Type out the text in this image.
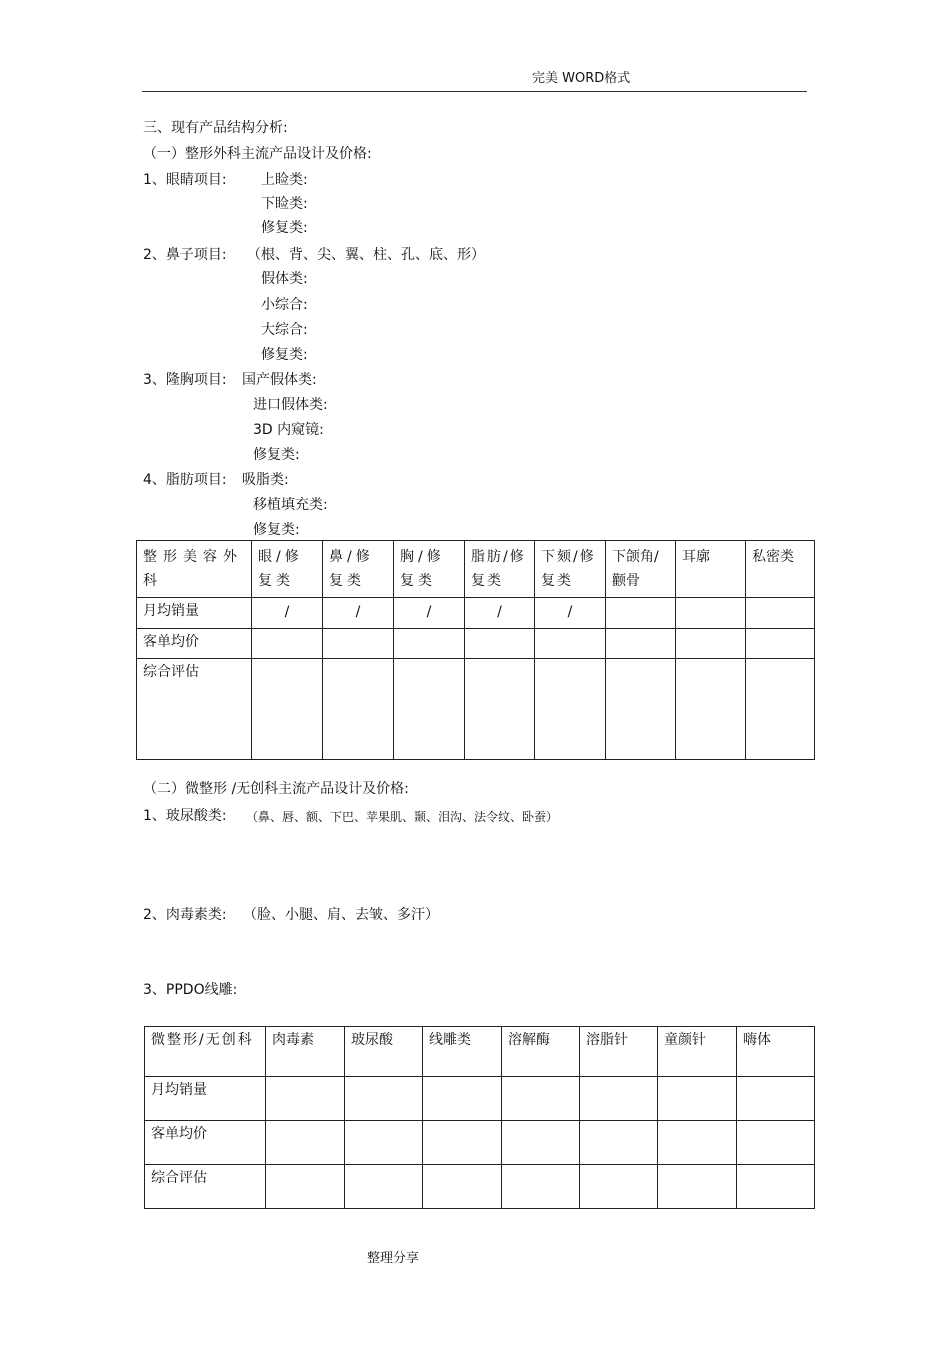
完美 WORD格式
三、现有产品结构分析:
（一）整形外科主流产品设计及价格:
1、眼睛项目: 上睑类:
下睑类:
修复类:
2、鼻子项目: （根、背、尖、翼、柱、孔、底、形）
假体类:
小综合:
大综合:
修复类:
3、隆胸项目: 国产假体类:
进口假体类:
3D 内窥镜:
修复类:
4、脂肪项目: 吸脂类:
移植填充类:
修复类:
整形美容外科	眼/修复类	鼻/修复类	胸/修复类	脂肪/修复类	下颏/修复类	下颌角/颧骨	耳廓	私密类
月均销量	/	/	/	/	/			
客单均价								
综合评估								
（二）微整形 /无创科主流产品设计及价格:
1、玻尿酸类: （鼻、唇、额、下巴、苹果肌、颞、泪沟、法令纹、卧蚕）
2、肉毒素类: （脸、小腿、肩、去皱、多汗）
3、PPDO线雕:
微整形/无创科	肉毒素	玻尿酸	线雕类	溶解酶	溶脂针	童颜针	嗨体
月均销量							
客单均价							
综合评估							
整理分享
